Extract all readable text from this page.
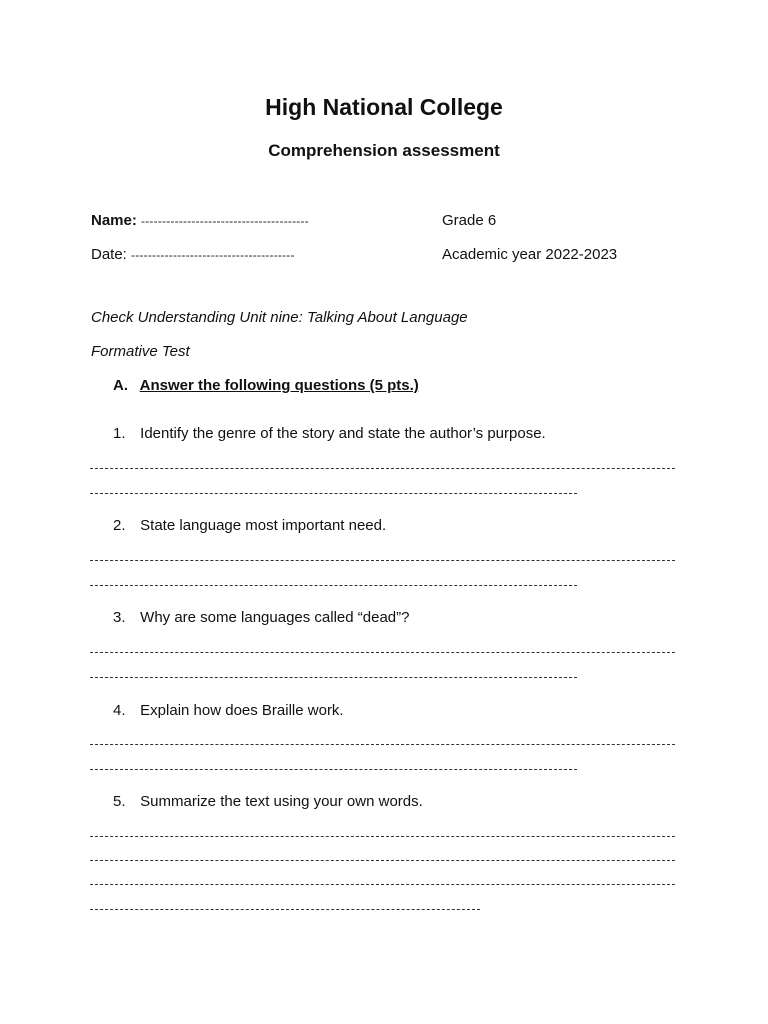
High National College
Comprehension assessment
Name: ----------------------------------------	Grade 6
Date: ---------------------------------------	Academic year 2022-2023
Check Understanding Unit nine: Talking About Language
Formative Test
A. Answer the following questions (5 pts.)
1. Identify the genre of the story and state the author’s purpose.
2. State language most important need.
3. Why are some languages called “dead”?
4. Explain how does Braille work.
5. Summarize the text using your own words.
